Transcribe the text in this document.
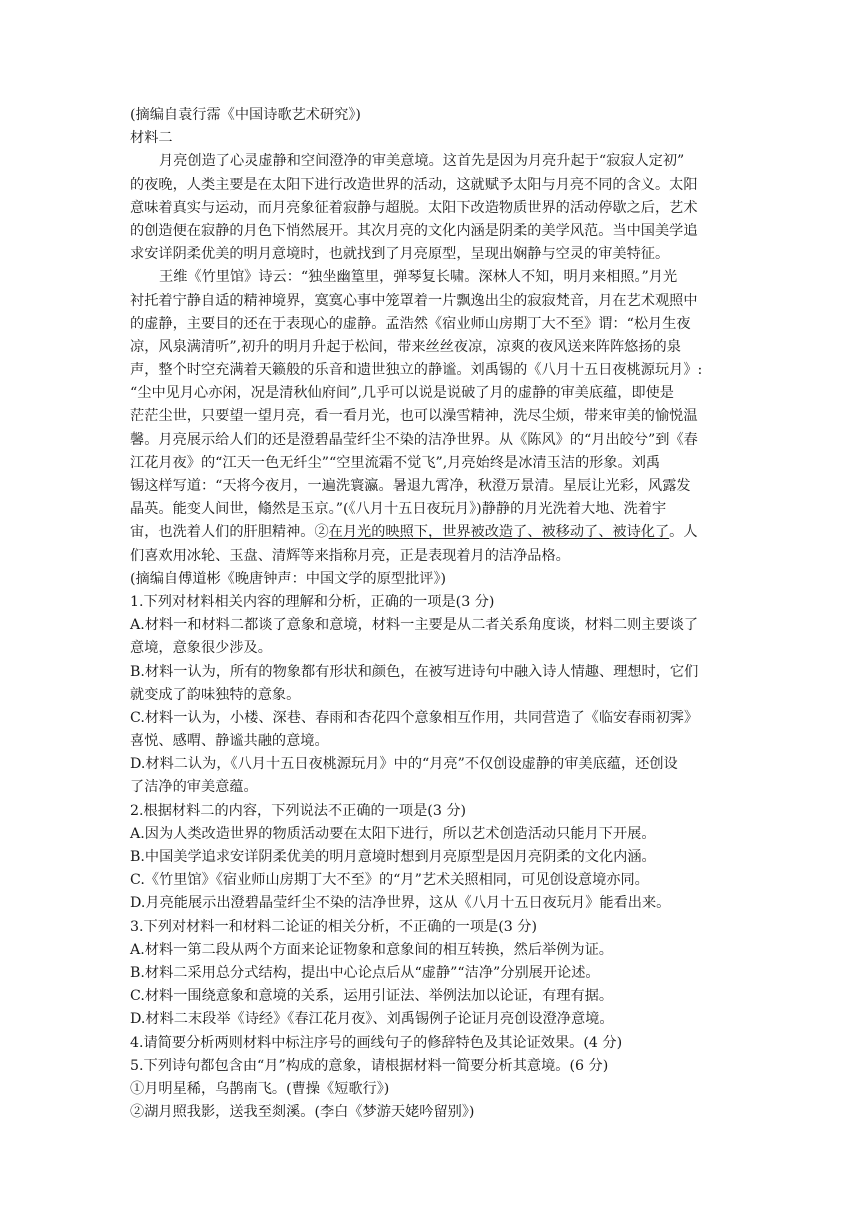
(摘编自袁行霈《中国诗歌艺术研究》)
材料二
月亮创造了心灵虚静和空间澄净的审美意境。这首先是因为月亮升起于“寂寂人定初”
的夜晚，人类主要是在太阳下进行改造世界的活动，这就赋予太阳与月亮不同的含义。太阳
意味着真实与运动，而月亮象征着寂静与超脱。太阳下改造物质世界的活动停歇之后，艺术
的创造便在寂静的月色下悄然展开。其次月亮的文化内涵是阴柔的美学风范。当中国美学追
求安详阴柔优美的明月意境时，也就找到了月亮原型，呈现出娴静与空灵的审美特征。
王维《竹里馆》诗云：“独坐幽篁里，弹琴复长啸。深林人不知，明月来相照。”月光
衬托着宁静自适的精神境界，寞寞心事中笼罩着一片飘逸出尘的寂寂梵音，月在艺术观照中
的虚静，主要目的还在于表现心的虚静。孟浩然《宿业师山房期丁大不至》谓：“松月生夜
凉，风泉满清听”,初升的明月升起于松间，带来丝丝夜凉，凉爽的夜风送来阵阵悠扬的泉
声，整个时空充满着天籁般的乐音和遗世独立的静谧。刘禹锡的《八月十五日夜桃源玩月》:
“尘中见月心亦闲，况是清秋仙府间”,几乎可以说是说破了月的虚静的审美底蕴，即使是
茫茫尘世，只要望一望月亮，看一看月光，也可以澡雪精神，洗尽尘烦，带来审美的愉悦温
馨。月亮展示给人们的还是澄碧晶莹纤尘不染的洁净世界。从《陈风》的“月出皎兮”到《春
江花月夜》的“江天一色无纤尘”“空里流霜不觉飞”,月亮始终是冰清玉洁的形象。刘禹
锡这样写道：“天将今夜月，一遍洗寰瀛。暑退九霄净，秋澄万景清。星辰让光彩，风露发
晶英。能变人间世，翛然是玉京。”(《八月十五日夜玩月》)静静的月光洗着大地、洗着宇
宙，也洗着人们的肝胆精神。②在月光的映照下，世界被改造了、被移动了、被诗化了。人
们喜欢用冰轮、玉盘、清辉等来指称月亮，正是表现着月的洁净品格。
(摘编自傅道彬《晚唐钟声：中国文学的原型批评》)
1.下列对材料相关内容的理解和分析，正确的一项是(3 分)
A.材料一和材料二都谈了意象和意境，材料一主要是从二者关系角度谈，材料二则主要谈了
意境，意象很少涉及。
B.材料一认为，所有的物象都有形状和颜色，在被写进诗句中融入诗人情趣、理想时，它们
就变成了韵味独特的意象。
C.材料一认为，小楼、深巷、春雨和杏花四个意象相互作用，共同营造了《临安春雨初霁》
喜悦、感喟、静谧共融的意境。
D.材料二认为，《八月十五日夜桃源玩月》中的“月亮”不仅创设虚静的审美底蕴，还创设
了洁净的审美意蕴。
2.根据材料二的内容，下列说法不正确的一项是(3 分)
A.因为人类改造世界的物质活动要在太阳下进行，所以艺术创造活动只能月下开展。
B.中国美学追求安详阴柔优美的明月意境时想到月亮原型是因月亮阴柔的文化内涵。
C.《竹里馆》《宿业师山房期丁大不至》的“月”艺术关照相同，可见创设意境亦同。
D.月亮能展示出澄碧晶莹纤尘不染的洁净世界，这从《八月十五日夜玩月》能看出来。
3.下列对材料一和材料二论证的相关分析，不正确的一项是(3 分)
A.材料一第二段从两个方面来论证物象和意象间的相互转换，然后举例为证。
B.材料二采用总分式结构，提出中心论点后从“虚静”“洁净”分别展开论述。
C.材料一围绕意象和意境的关系，运用引证法、举例法加以论证，有理有据。
D.材料二末段举《诗经》《春江花月夜》、刘禹锡例子论证月亮创设澄净意境。
4.请简要分析两则材料中标注序号的画线句子的修辞特色及其论证效果。(4 分)
5.下列诗句都包含由“月”构成的意象，请根据材料一简要分析其意境。(6 分)
①月明星稀，乌鹊南飞。(曹操《短歌行》)
②湖月照我影，送我至剡溪。(李白《梦游天姥吟留别》)
